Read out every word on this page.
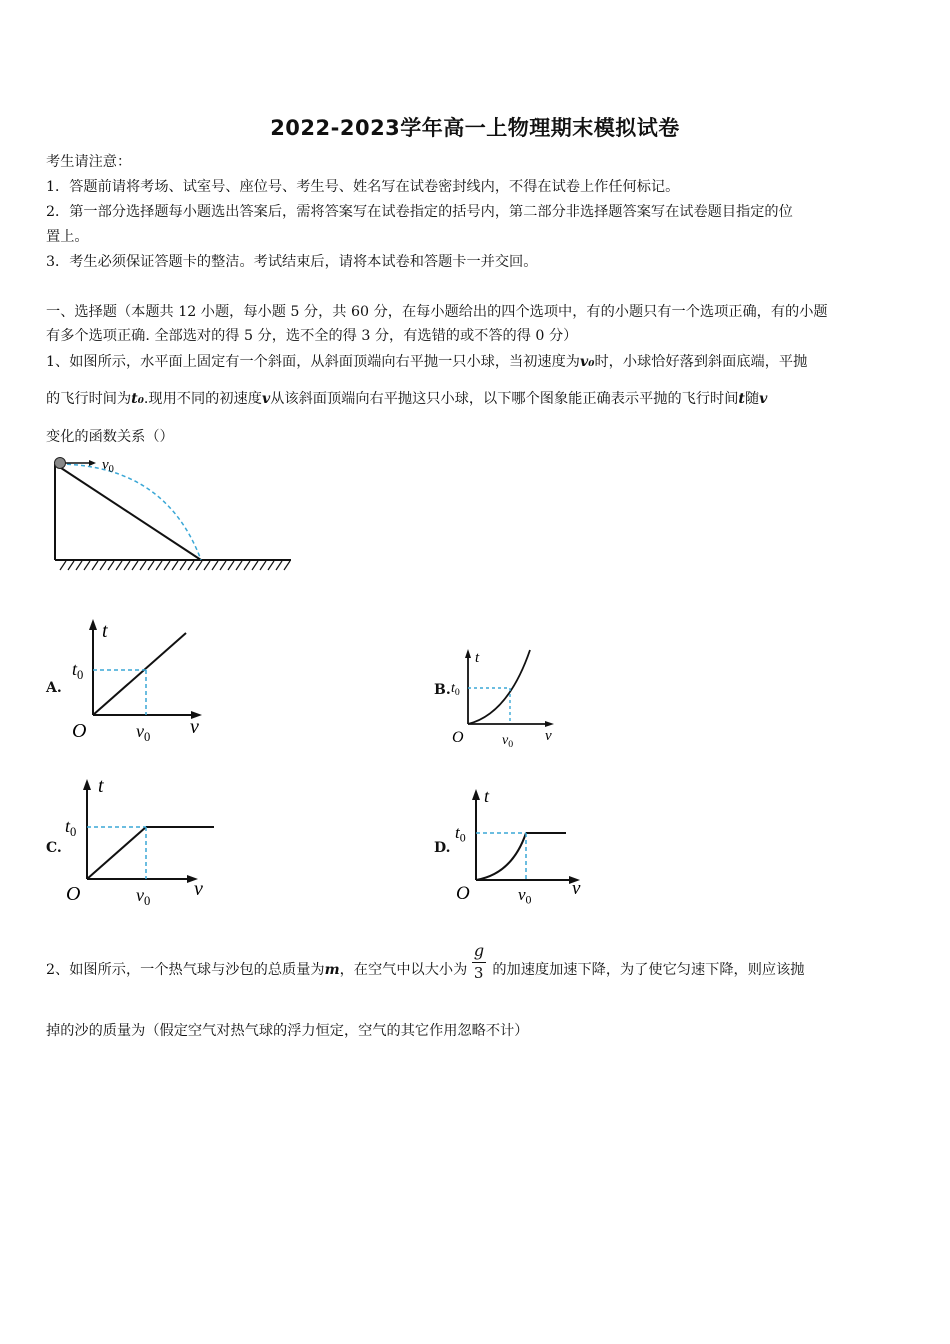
2022-2023学年高一上物理期末模拟试卷
考生请注意：
1．答题前请将考场、试室号、座位号、考生号、姓名写在试卷密封线内，不得在试卷上作任何标记。
2．第一部分选择题每小题选出答案后，需将答案写在试卷指定的括号内，第二部分非选择题答案写在试卷题目指定的位
置上。
3．考生必须保证答题卡的整洁。考试结束后，请将本试卷和答题卡一并交回。
一、选择题（本题共 12 小题，每小题 5 分，共 60 分，在每小题给出的四个选项中，有的小题只有一个选项正确，有的小题
有多个选项正确. 全部选对的得 5 分，选不全的得 3 分，有选错的或不答的得 0 分）
1、如图所示，水平面上固定有一个斜面，从斜面顶端向右平抛一只小球，当初速度为v₀时，小球恰好落到斜面底端，平抛
的飞行时间为t₀.现用不同的初速度v从该斜面顶端向右平抛这只小球，以下哪个图象能正确表示平抛的飞行时间t随v
变化的函数关系（）
$v_0$
A.
t
$t_0$
O	$v_0$ v
B.
t
$t_0$
O	$v_0$
v
C.
t
$t_0$
O	$v_0$
v
D.
t
$t_0$
O	$v_0$
v
2、如图所示，一个热气球与沙包的总质量为m，在空气中以大小为 $\frac{g}{3}$ 的加速度加速下降，为了使它匀速下降，则应该抛
掉的沙的质量为（假定空气对热气球的浮力恒定，空气的其它作用忽略不计）
